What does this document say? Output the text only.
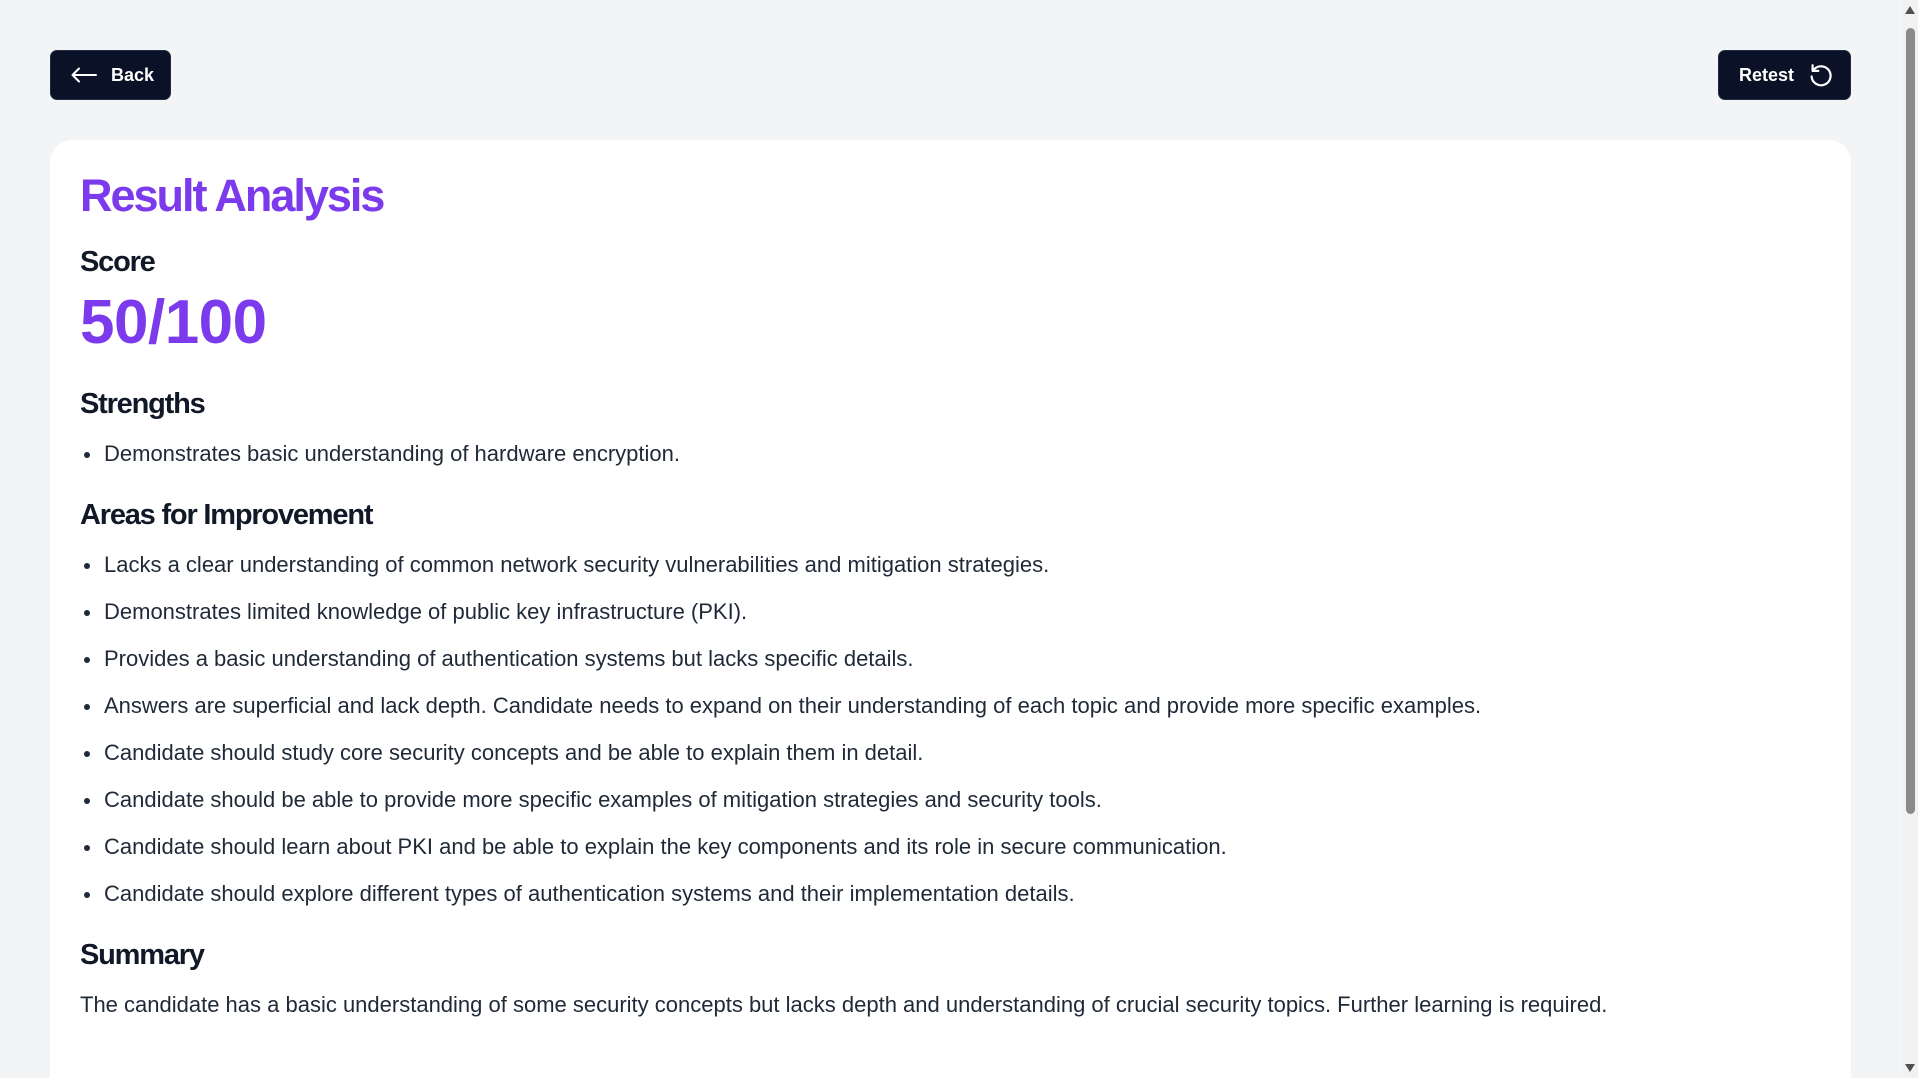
Back	Retest
Result Analysis
Score
50/100
Strengths
Demonstrates basic understanding of hardware encryption.
Areas for Improvement
Lacks a clear understanding of common network security vulnerabilities and mitigation strategies.
Demonstrates limited knowledge of public key infrastructure (PKI).
Provides a basic understanding of authentication systems but lacks specific details.
Answers are superficial and lack depth. Candidate needs to expand on their understanding of each topic and provide more specific examples.
Candidate should study core security concepts and be able to explain them in detail.
Candidate should be able to provide more specific examples of mitigation strategies and security tools.
Candidate should learn about PKI and be able to explain the key components and its role in secure communication.
Candidate should explore different types of authentication systems and their implementation details.
Summary

The candidate has a basic understanding of some security concepts but lacks depth and understanding of crucial security topics. Further learning is required.
